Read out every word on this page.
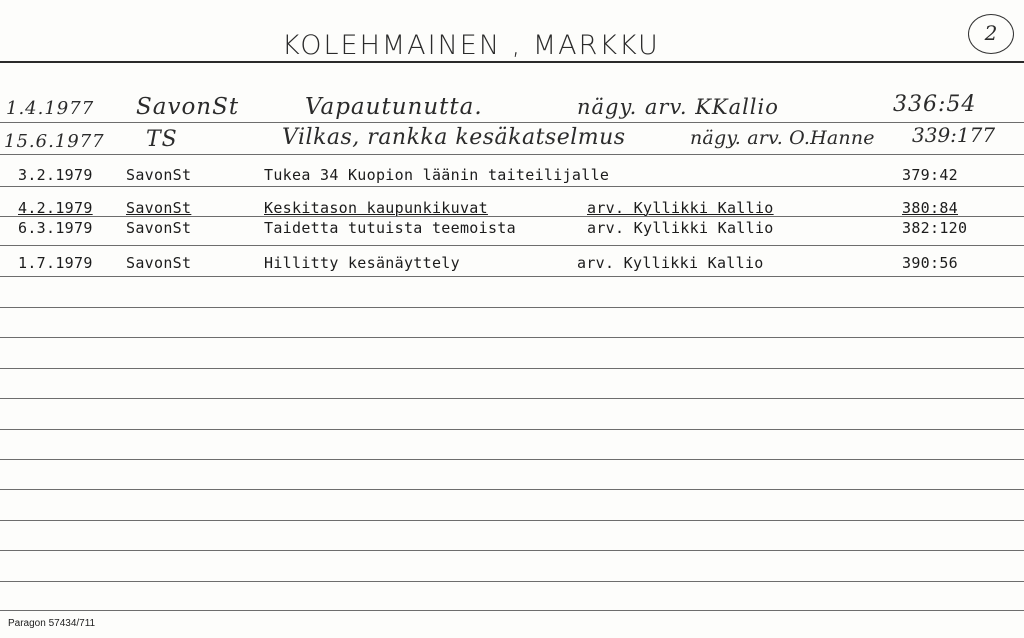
KOLEHMAINEN , MARKKU	2
1.4.1977 SavonSt	Vapautunutta.	nägy. arv. KKallio	336:54
15.6.1977 TS	Vilkas, rankka kesäkatselmus	nägy. arv. O.Hanne 339:177
3.2.1979 SavonSt	Tukea 34 Kuopion läänin taiteilijalle	379:42
4.2.1979 SavonSt	Keskitason kaupunkikuvat	arv. Kyllikki Kallio	380:84
6.3.1979 SavonSt	Taidetta tutuista teemoista	arv. Kyllikki Kallio	382:120
1.7.1979 SavonSt	Hillitty kesänäyttely	arv. Kyllikki Kallio	390:56
Paragon 57434/711
